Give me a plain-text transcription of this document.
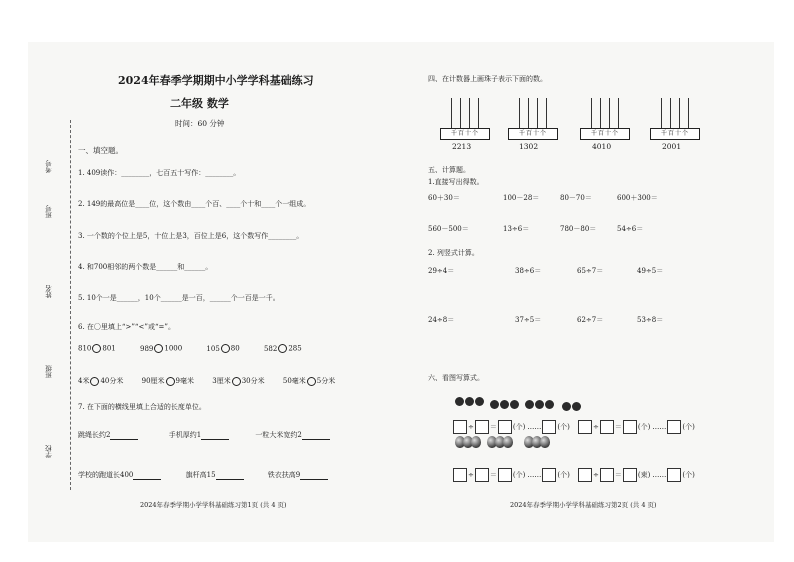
考号
班号
姓名
班级
学校
2024年春季学期期中小学学科基础练习
二年级 数学
时间：60 分钟
一、填空题。
1. 409读作：________，七百五十写作：________。
2. 149的最高位是____位，这个数由____个百、____个十和____个一组成。
3. 一个数的个位上是5，十位上是3，百位上是6，这个数写作________。
4. 和700相邻的两个数是______和______。
5. 10个一是______，10个______是一百，______个一百是一千。
6. 在〇里填上“>”“<”或“=”。
810 801	989 1000	105 80	582 285
4米 40分米	90厘米 9毫米	3厘米 30分米	50毫米 5分米
7. 在下面的横线里填上合适的长度单位。
跳绳长约2	手机厚约1	一粒大米宽约2
学校的跑道长400	旗杆高15	铁衣扶高9
2024年春季学期小学学科基础练习第1页 (共 4 页)
四、在计数器上画珠子表示下面的数。
千百十个
2213
千百十个
1302
千百十个
4010
千百十个
2001
五、计算题。
1.直接写出得数。
60＋30＝	100－28＝	80－70＝	600＋300＝
560－500＝	13÷6＝	780－80＝	54÷6＝
2. 列竖式计算。
29÷4＝	38÷6＝	65÷7＝	49÷5＝
24÷8＝	37÷5＝	62÷7＝	53÷8＝
六、看图写算式。
÷ ＝ (个) …… (个)	÷ ＝ (个) …… (个)
÷ ＝ (个) …… (个)	÷ ＝ (束) …… (个)
2024年春季学期小学学科基础练习第2页 (共 4 页)
